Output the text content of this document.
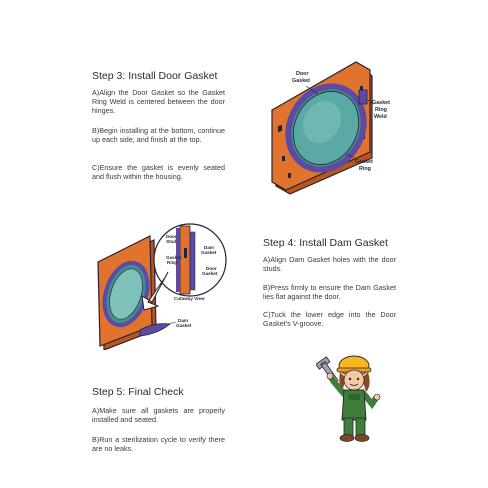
Step 3: Install Door Gasket

A)Align the Door Gasket so the Gasket Ring Weld is centered between the door hinges.

B)Begin installing at the bottom, continue up each side, and finish at the top.

C)Ensure the gasket is evenly seated and flush within the housing.

Door
Gasket
Gasket
Ring
Weld
Gasket
Ring
Door
Stud
Dam
Gasket
Gasket
Ring
Door
Gasket
Cutaway View
Dam
Gasket
Step 4: Install Dam Gasket

A)Align Dam Gasket holes with the door studs.

B)Press firmly to ensure the Dam Gasket lies flat against the door.

C)Tuck the lower edge into the Door Gasket's V-groove.

Step 5: Final Check

A)Make sure all gaskets are properly installed and seated.

B)Run a sterilization cycle to verify there are no leaks.
